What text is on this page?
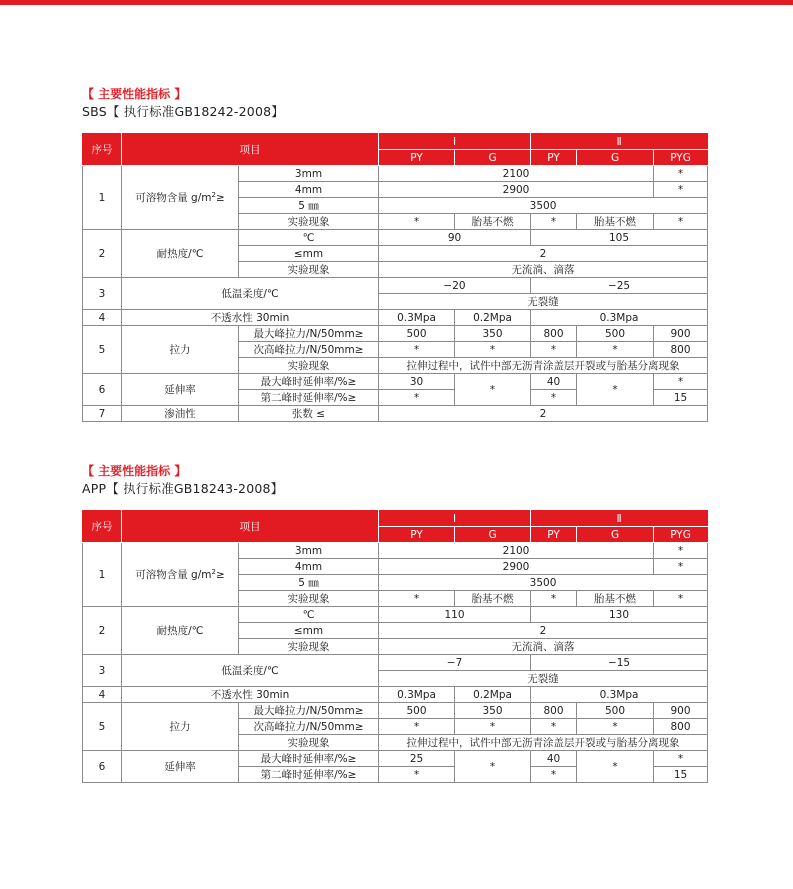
【 主要性能指标 】
SBS【 执行标准GB18242-2008】
序号	项目		Ⅰ		Ⅱ		
			PY	G	PY	G	PYG
1	可溶物含量 $g/m^2\ge$	3mm	2100				*
		4mm	2900				*
		5 ㎜	3500				
		实验现象	*	胎基不燃	*	胎基不燃	*
2	耐热度/℃	℃	90		105		
		≤mm	2				
		实验现象	无流淌、滴落				
3	低温柔度/℃		−20		−25		
			无裂缝				
4	不透水性 30min		0.3Mpa	0.2Mpa	0.3Mpa		
5	拉力	最大峰拉力/N/50mm≥	500	350	800	500	900
		次高峰拉力/N/50mm≥	*	*	*	*	800
		实验现象	拉伸过程中，试件中部无沥青涂盖层开裂或与胎基分离现象				
6	延伸率	最大峰时延伸率/%≥	30	*	40	*	*
		第二峰时延伸率/%≥	*		*		15
7	渗油性	张数 ≤	2				
【 主要性能指标 】
APP【 执行标准GB18243-2008】
序号	项目		Ⅰ		Ⅱ		
			PY	G	PY	G	PYG
1	可溶物含量 $g/m^2\ge$	3mm	2100				*
		4mm	2900				*
		5 ㎜	3500				
		实验现象	*	胎基不燃	*	胎基不燃	*
2	耐热度/℃	℃	110		130		
		≤mm	2				
		实验现象	无流淌、滴落				
3	低温柔度/℃		−7		−15		
			无裂缝				
4	不透水性 30min		0.3Mpa	0.2Mpa	0.3Mpa		
5	拉力	最大峰拉力/N/50mm≥	500	350	800	500	900
		次高峰拉力/N/50mm≥	*	*	*	*	800
		实验现象	拉伸过程中，试件中部无沥青涂盖层开裂或与胎基分离现象				
6	延伸率	最大峰时延伸率/%≥	25	*	40	*	*
		第二峰时延伸率/%≥	*		*		15
